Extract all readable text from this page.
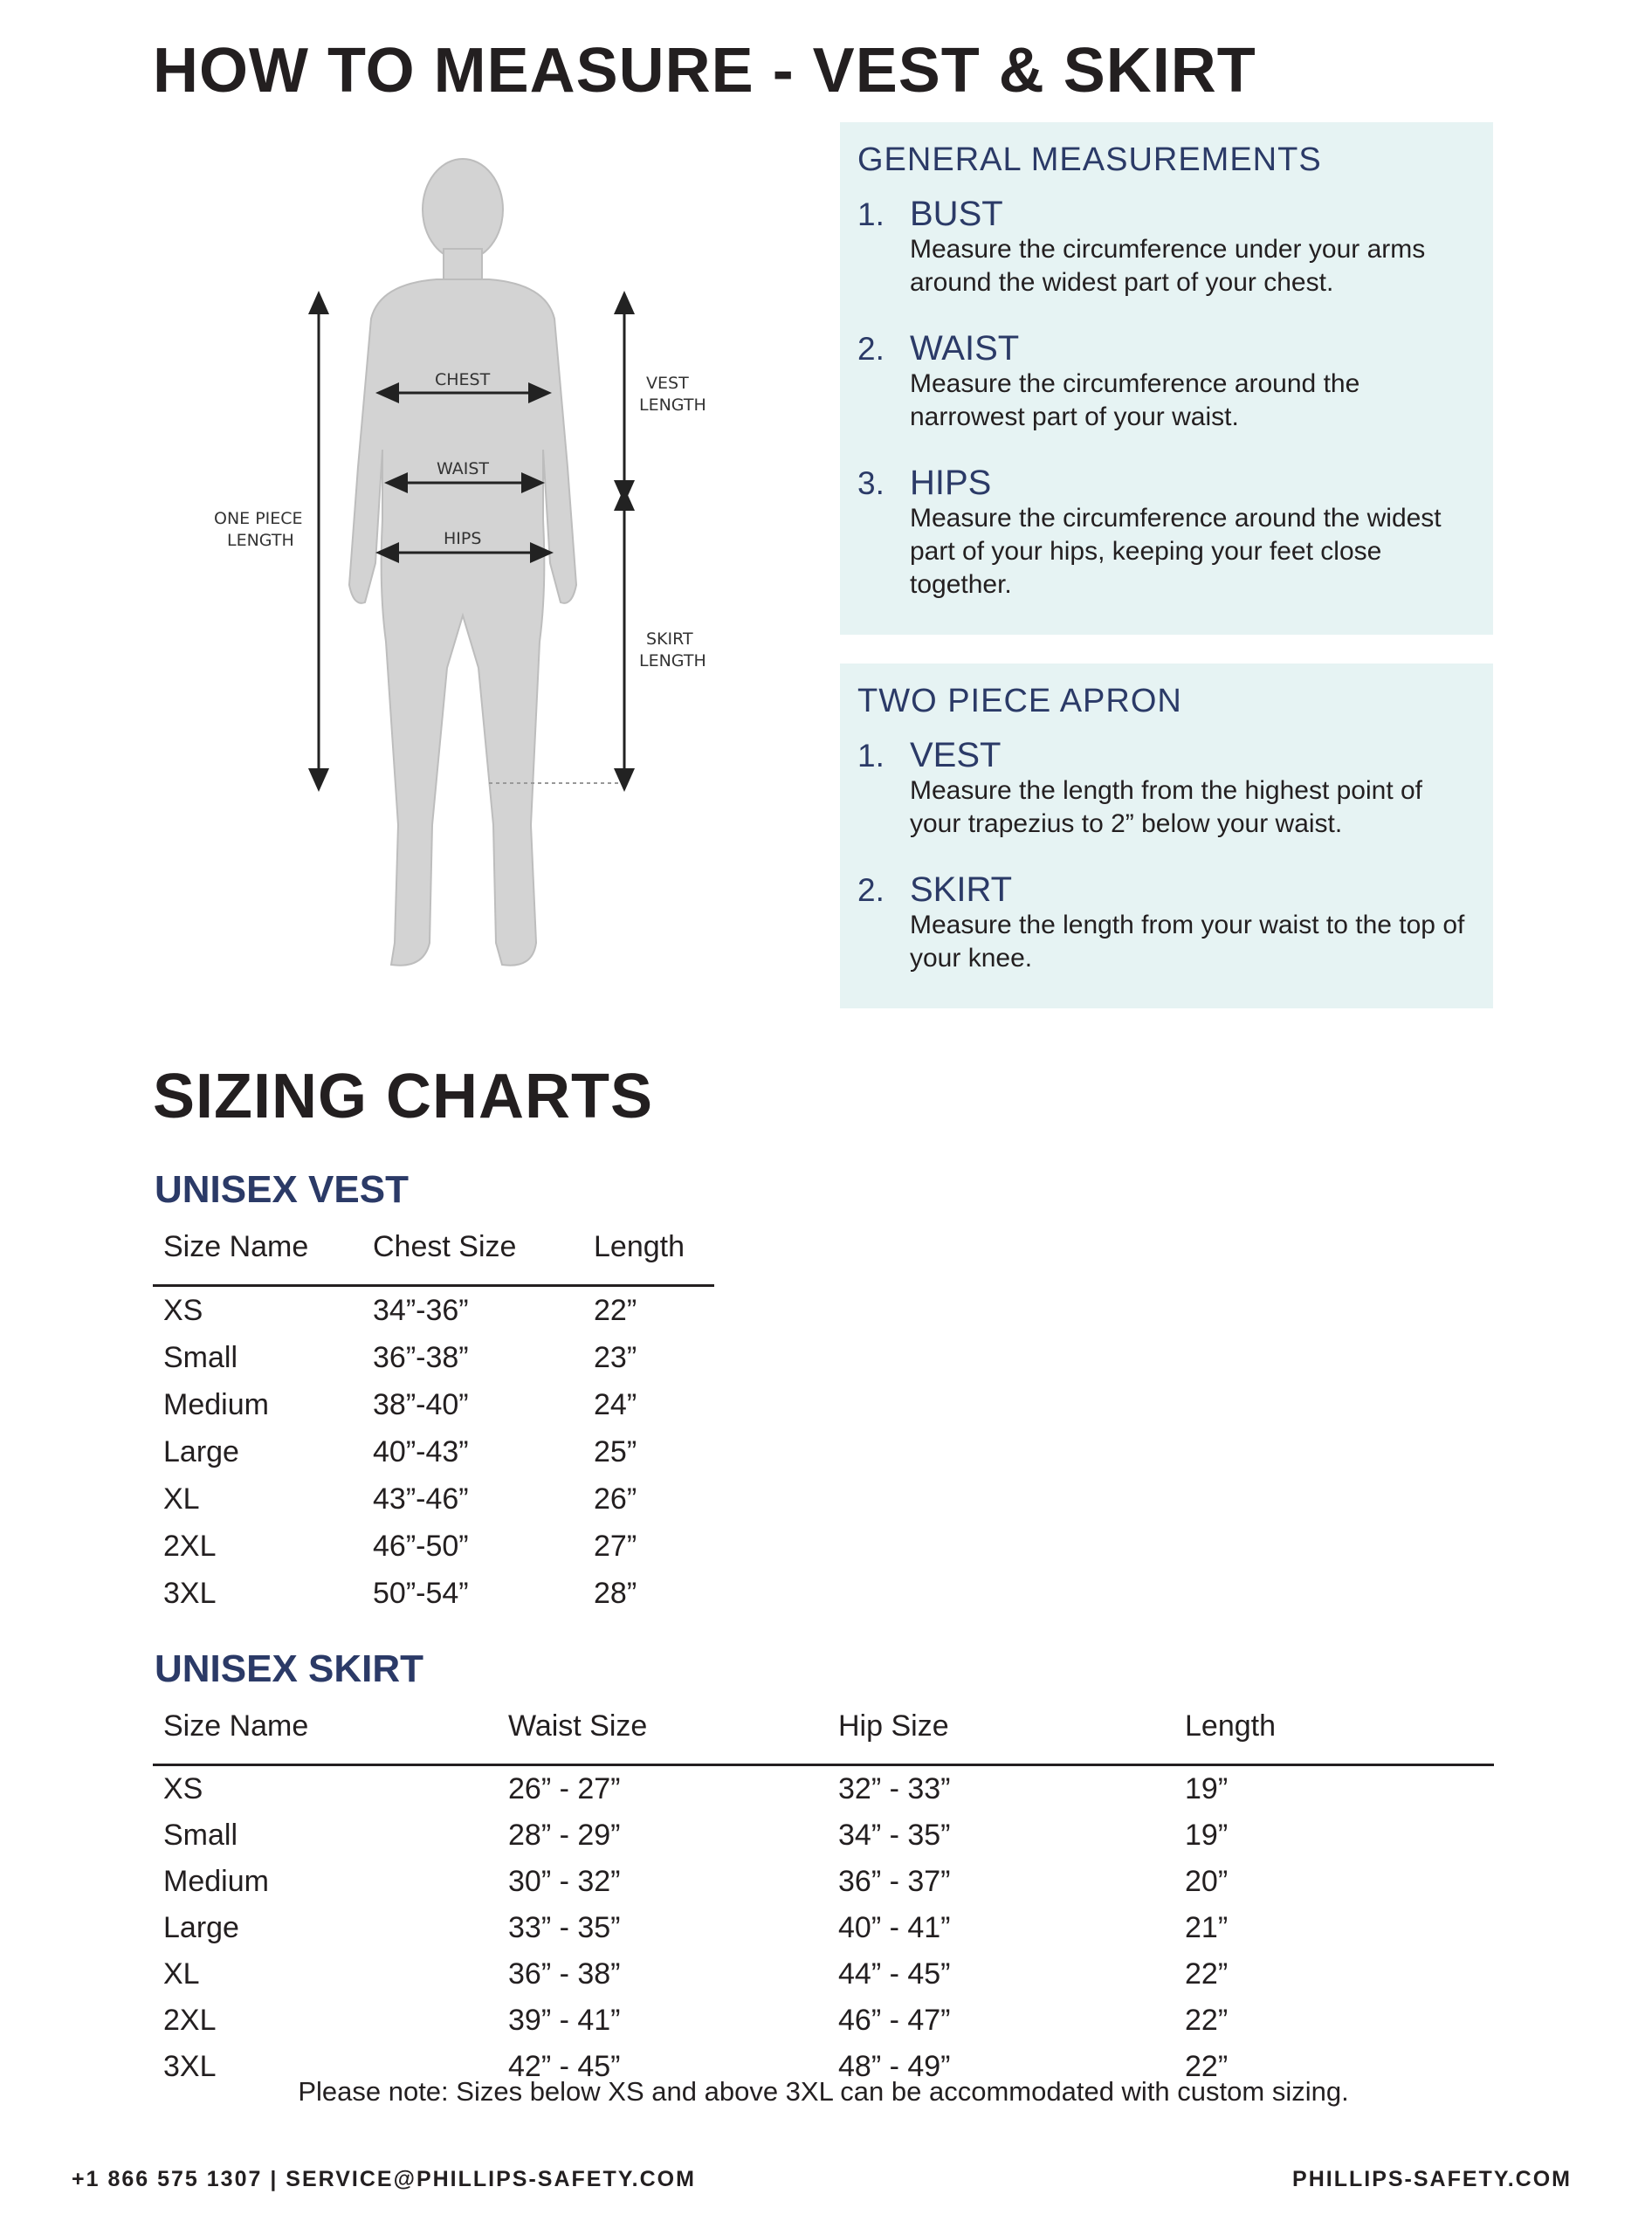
HOW TO MEASURE - VEST & SKIRT
CHEST
WAIST
HIPS
ONE PIECE
LENGTH
VEST
LENGTH
SKIRT
LENGTH
GENERAL MEASUREMENTS
1. BUST
Measure the circumference under your arms around the widest part of your chest.
2. WAIST
Measure the circumference around the narrowest part of your waist.
3. HIPS
Measure the circumference around the widest part of your hips, keeping your feet close together.
TWO PIECE APRON
1. VEST
Measure the length from the highest point of your trapezius to 2” below your waist.
2. SKIRT
Measure the length from your waist to the top of your knee.
SIZING CHARTS
UNISEX VEST
Size Name	Chest Size	Length
XS	34”-36”	22”
Small	36”-38”	23”
Medium	38”-40”	24”
Large	40”-43”	25”
XL	43”-46”	26”
2XL	46”-50”	27”
3XL	50”-54”	28”
UNISEX SKIRT
Size Name	Waist Size	Hip Size	Length
XS	26” - 27”	32” - 33”	19”
Small	28” - 29”	34” - 35”	19”
Medium	30” - 32”	36” - 37”	20”
Large	33” - 35”	40” - 41”	21”
XL	36” - 38”	44” - 45”	22”
2XL	39” - 41”	46” - 47”	22”
3XL	42” - 45”	48” - 49”	22”
Please note: Sizes below XS and above 3XL can be accommodated with custom sizing.
+1 866 575 1307 | SERVICE@PHILLIPS-SAFETY.COM	PHILLIPS-SAFETY.COM
